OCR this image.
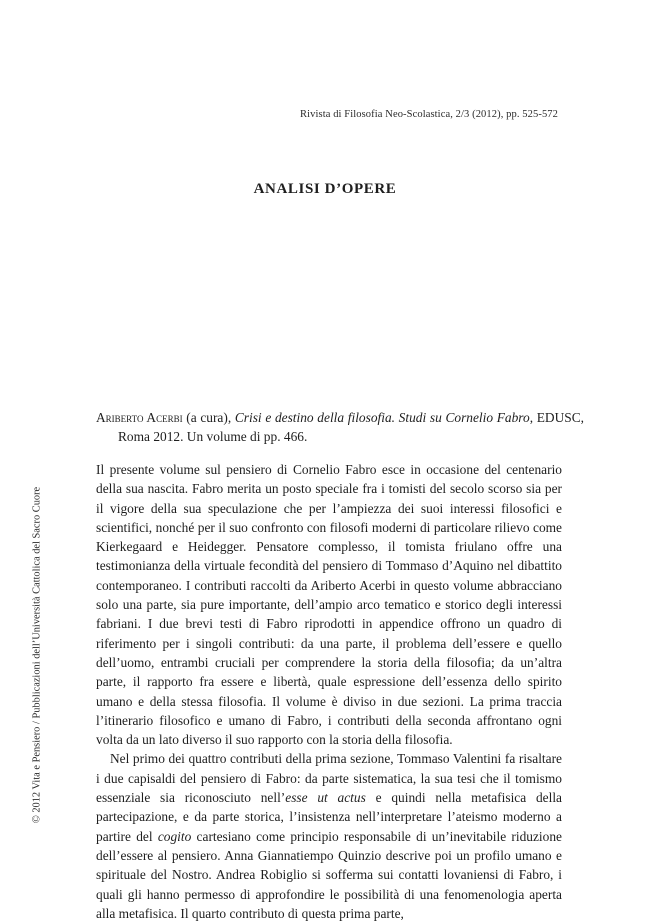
Rivista di Filosofia Neo-Scolastica, 2/3 (2012), pp. 525-572
ANALISI D’OPERE
© 2012 Vita e Pensiero / Pubblicazioni dell’Università Cattolica del Sacro Cuore
Ariberto Acerbi (a cura), Crisi e destino della filosofia. Studi su Cornelio Fabro, EDUSC, Roma 2012. Un volume di pp. 466.

Il presente volume sul pensiero di Cornelio Fabro esce in occasione del centenario della sua nascita. Fabro merita un posto speciale fra i tomisti del secolo scorso sia per il vigore della sua speculazione che per l’ampiezza dei suoi interessi filosofici e scientifici, nonché per il suo confronto con filosofi moderni di particolare rilievo come Kierkegaard e Heidegger. Pensatore complesso, il tomista friulano offre una testimonianza della virtuale fecondità del pensiero di Tommaso d’Aquino nel dibattito contemporaneo. I contributi raccolti da Ariberto Acerbi in questo volume abbracciano solo una parte, sia pure importante, dell’ampio arco tematico e storico degli interessi fabriani. I due brevi testi di Fabro riprodotti in appendice offrono un quadro di riferimento per i singoli contributi: da una parte, il problema dell’essere e quello dell’uomo, entrambi cruciali per comprendere la storia della filosofia; da un’altra parte, il rapporto fra essere e libertà, quale espressione dell’essenza dello spirito umano e della stessa filosofia. Il volume è diviso in due sezioni. La prima traccia l’itinerario filosofico e umano di Fabro, i contributi della seconda affrontano ogni volta da un lato diverso il suo rapporto con la storia della filosofia.

Nel primo dei quattro contributi della prima sezione, Tommaso Valentini fa risaltare i due capisaldi del pensiero di Fabro: da parte sistematica, la sua tesi che il tomismo essenziale sia riconosciuto nell’esse ut actus e quindi nella metafisica della partecipazione, e da parte storica, l’insistenza nell’interpretare l’ateismo moderno a partire del cogito cartesiano come principio responsabile di un’inevitabile riduzione dell’essere al pensiero. Anna Giannatiempo Quinzio descrive poi un profilo umano e spirituale del Nostro. Andrea Robiglio si sofferma sui contatti lovaniensi di Fabro, i quali gli hanno permesso di approfondire le possibilità di una fenomenologia aperta alla metafisica. Il quarto contributo di questa prima parte,
